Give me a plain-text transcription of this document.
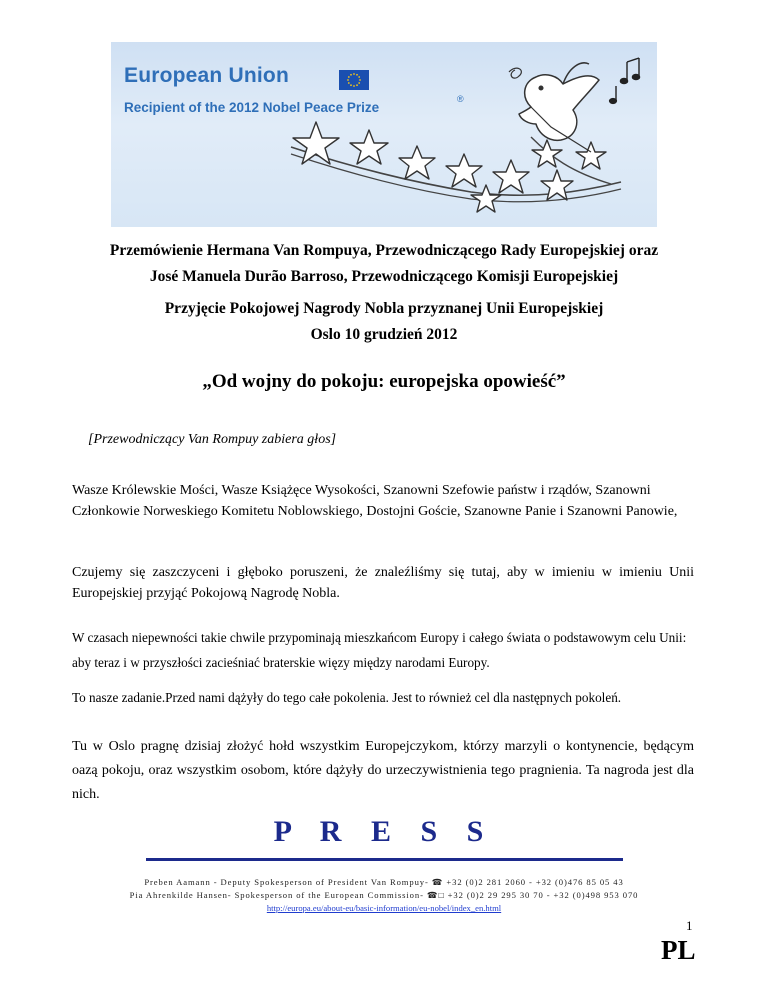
European Union

Recipient of the 2012 Nobel Peace Prize

®

Przemówienie Hermana Van Rompuya, Przewodniczącego Rady Europejskiej oraz

José Manuela Durão Barroso, Przewodniczącego Komisji Europejskiej

Przyjęcie Pokojowej Nagrody Nobla przyznanej Unii Europejskiej

Oslo 10 grudzień 2012

„Od wojny do pokoju: europejska opowieść”

[Przewodniczący Van Rompuy zabiera głos]

Wasze Królewskie Mości, Wasze Książęce Wysokości, Szanowni Szefowie państw i rządów, Szanowni Członkowie Norweskiego Komitetu Noblowskiego, Dostojni Goście, Szanowne Panie i Szanowni Panowie,

Czujemy się zaszczyceni i głęboko poruszeni, że znaleźliśmy się tutaj, aby w imieniu w imieniu Unii Europejskiej przyjąć Pokojową Nagrodę Nobla.

W czasach niepewności takie chwile przypominają mieszkańcom Europy i całego świata o podstawowym celu Unii: aby teraz i w przyszłości zacieśniać braterskie więzy między narodami Europy.

To nasze zadanie.Przed nami dążyły do tego całe pokolenia. Jest to również cel dla następnych pokoleń.

Tu w Oslo pragnę dzisiaj złożyć hołd wszystkim Europejczykom, którzy marzyli o kontynencie, będącym oazą pokoju, oraz wszystkim osobom, które dążyły do urzeczywistnienia tego pragnienia. Ta nagroda jest dla nich.

P R E S S

Preben Aamann - Deputy Spokesperson of President Van Rompuy- ☎ +32 (0)2 281 2060 - +32 (0)476 85 05 43

Pia Ahrenkilde Hansen- Spokesperson of the European Commission- ☎□ +32 (0)2 29 295 30 70 - +32 (0)498 953 070

http://europa.eu/about-eu/basic-information/eu-nobel/index_en.html

1

PL
